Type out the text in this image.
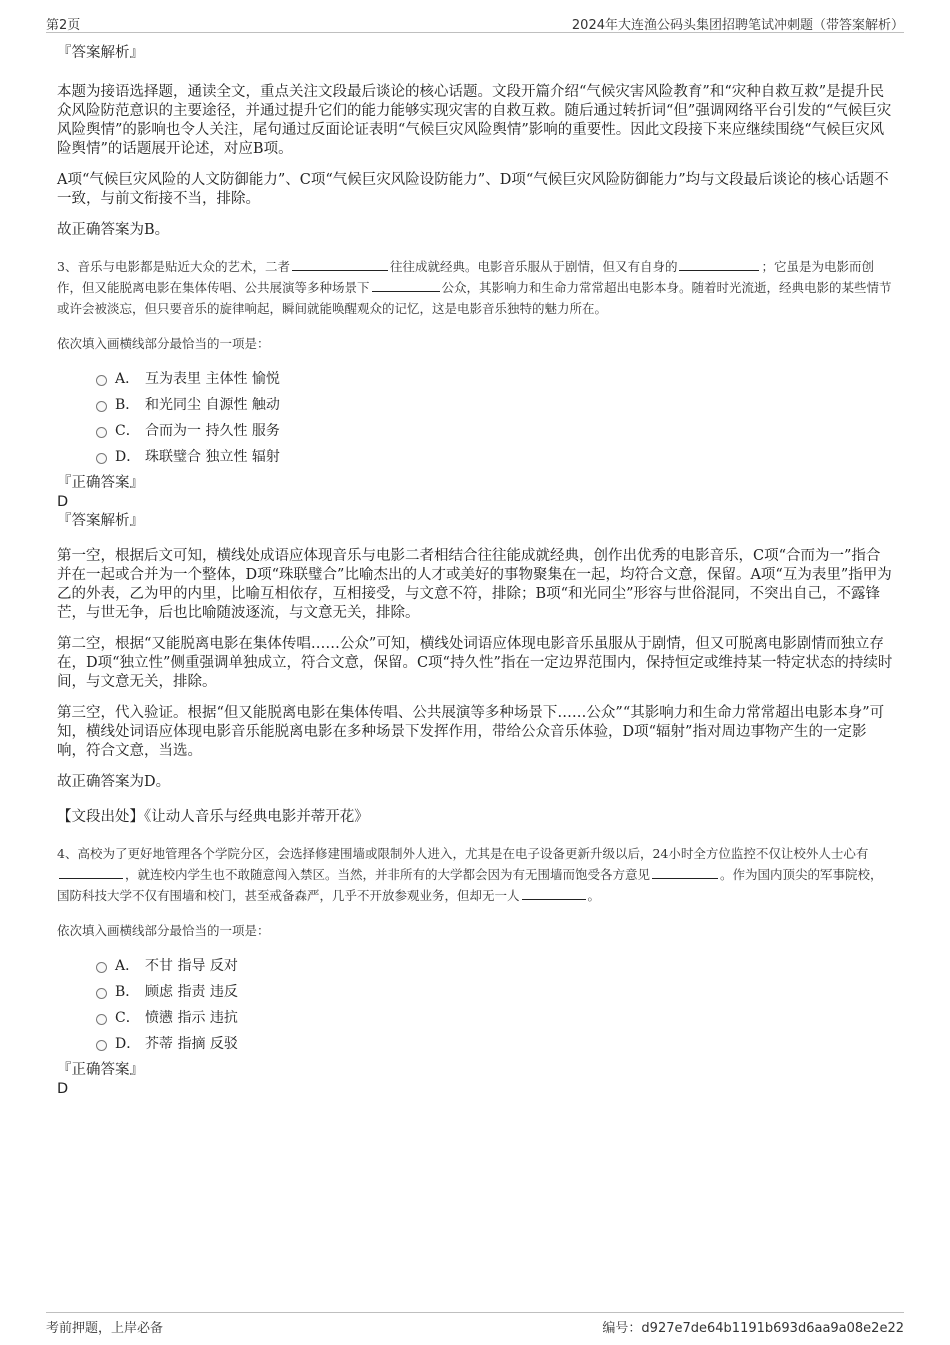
第2页	2024年大连渔公码头集团招聘笔试冲刺题（带答案解析）

『答案解析』

本题为接语选择题，通读全文，重点关注文段最后谈论的核心话题。文段开篇介绍“气候灾害风险教育”和“灾种自救互救”是提升民众风险防范意识的主要途径，并通过提升它们的能力能够实现灾害的自救互救。随后通过转折词“但”强调网络平台引发的“气候巨灾风险舆情”的影响也令人关注，尾句通过反面论证表明“气候巨灾风险舆情”影响的重要性。因此文段接下来应继续围绕“气候巨灾风险舆情”的话题展开论述，对应B项。

A项“气候巨灾风险的人文防御能力”、C项“气候巨灾风险设防能力”、D项“气候巨灾风险防御能力”均与文段最后谈论的核心话题不一致，与前文衔接不当，排除。

故正确答案为B。

3、音乐与电影都是贴近大众的艺术，二者	往往成就经典。电影音乐服从于剧情，但又有自身的	；它虽是为电影而创作，但又能脱离电影在集体传唱、公共展演等多种场景下	公众，其影响力和生命力常常超出电影本身。随着时光流逝，经典电影的某些情节或许会被淡忘，但只要音乐的旋律响起，瞬间就能唤醒观众的记忆，这是电影音乐独特的魅力所在。

依次填入画横线部分最恰当的一项是：

A． 互为表里 主体性 愉悦
B． 和光同尘 自源性 触动
C． 合而为一 持久性 服务
D． 珠联璧合 独立性 辐射

『正确答案』

D

『答案解析』

第一空，根据后文可知，横线处成语应体现音乐与电影二者相结合往往能成就经典，创作出优秀的电影音乐，C项“合而为一”指合并在一起或合并为一个整体，D项“珠联璧合”比喻杰出的人才或美好的事物聚集在一起，均符合文意，保留。A项“互为表里”指甲为乙的外表，乙为甲的内里，比喻互相依存，互相接受，与文意不符，排除；B项“和光同尘”形容与世俗混同，不突出自己，不露锋芒，与世无争，后也比喻随波逐流，与文意无关，排除。

第二空，根据“又能脱离电影在集体传唱……公众”可知，横线处词语应体现电影音乐虽服从于剧情，但又可脱离电影剧情而独立存在，D项“独立性”侧重强调单独成立，符合文意，保留。C项“持久性”指在一定边界范围内，保持恒定或维持某一特定状态的持续时间，与文意无关，排除。

第三空，代入验证。根据“但又能脱离电影在集体传唱、公共展演等多种场景下……公众”“其影响力和生命力常常超出电影本身”可知，横线处词语应体现电影音乐能脱离电影在多种场景下发挥作用，带给公众音乐体验，D项“辐射”指对周边事物产生的一定影响，符合文意，当选。

故正确答案为D。

【文段出处】《让动人音乐与经典电影并蒂开花》

4、高校为了更好地管理各个学院分区，会选择修建围墙或限制外人进入，尤其是在电子设备更新升级以后，24小时全方位监控不仅让校外人士心有，就连校内学生也不敢随意闯入禁区。当然，并非所有的大学都会因为有无围墙而饱受各方意见	。作为国内顶尖的军事院校，国防科技大学不仅有围墙和校门，甚至戒备森严，几乎不开放参观业务，但却无一人	。

依次填入画横线部分最恰当的一项是：

A． 不甘 指导 反对
B． 顾虑 指责 违反
C． 愤懑 指示 违抗
D． 芥蒂 指摘 反驳

『正确答案』

D

考前押题，上岸必备	编号：d927e7de64b1191b693d6aa9a08e2e22
